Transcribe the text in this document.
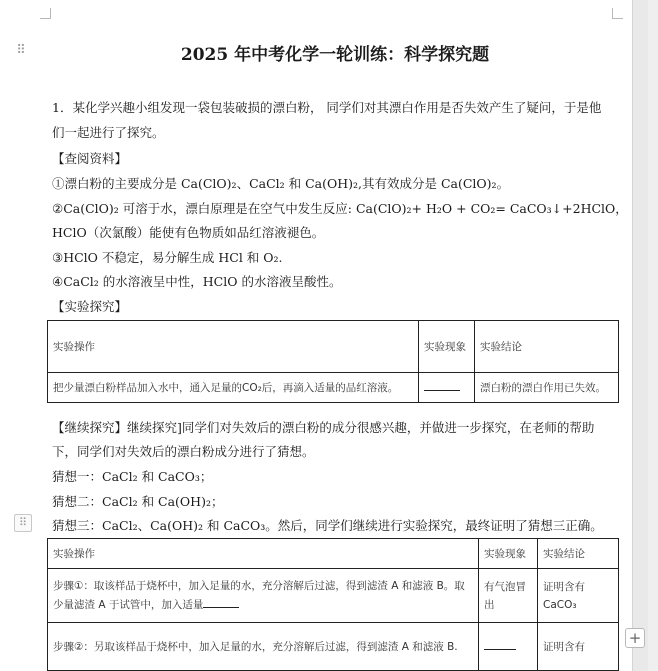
⠿
⠿
2025 年中考化学一轮训练：科学探究题
1．某化学兴趣小组发现一袋包装破损的漂白粉， 同学们对其漂白作用是否失效产生了疑问，于是他
们一起进行了探究。
【查阅资料】
①漂白粉的主要成分是 Ca(ClO)₂、CaCl₂ 和 Ca(OH)₂,其有效成分是 Ca(ClO)₂。
②Ca(ClO)₂ 可溶于水，漂白原理是在空气中发生反应: Ca(ClO)₂+ H₂O + CO₂= CaCO₃↓+2HClO，
HClO（次氯酸）能使有色物质如品红溶液褪色。
③HClO 不稳定，易分解生成 HCl 和 O₂.
④CaCl₂ 的水溶液呈中性，HClO 的水溶液呈酸性。
【实验探究】
实验操作	实验现象	实验结论
把少量漂白粉样品加入水中，通入足量的CO₂后，再滴入适量的品红溶液。		漂白粉的漂白作用已失效。
【继续探究】继续探究]同学们对失效后的漂白粉的成分很感兴趣，并做进一步探究，在老师的帮助
下，同学们对失效后的漂白粉成分进行了猜想。
猜想一：CaCl₂ 和 CaCO₃；
猜想二：CaCl₂ 和 Ca(OH)₂；
猜想三：CaCl₂、Ca(OH)₂ 和 CaCO₃。然后，同学们继续进行实验探究，最终证明了猜想三正确。
实验操作	实验现象	实验结论
步骤①：取该样品于烧杯中，加入足量的水，充分溶解后过滤，得到滤渣 A 和滤液 B。取少量滤渣 A 于试管中，加入适量	有气泡冒出	证明含有 CaCO₃
步骤②：另取该样品于烧杯中，加入足量的水，充分溶解后过滤，得到滤渣 A 和滤液 B.		证明含有	+
